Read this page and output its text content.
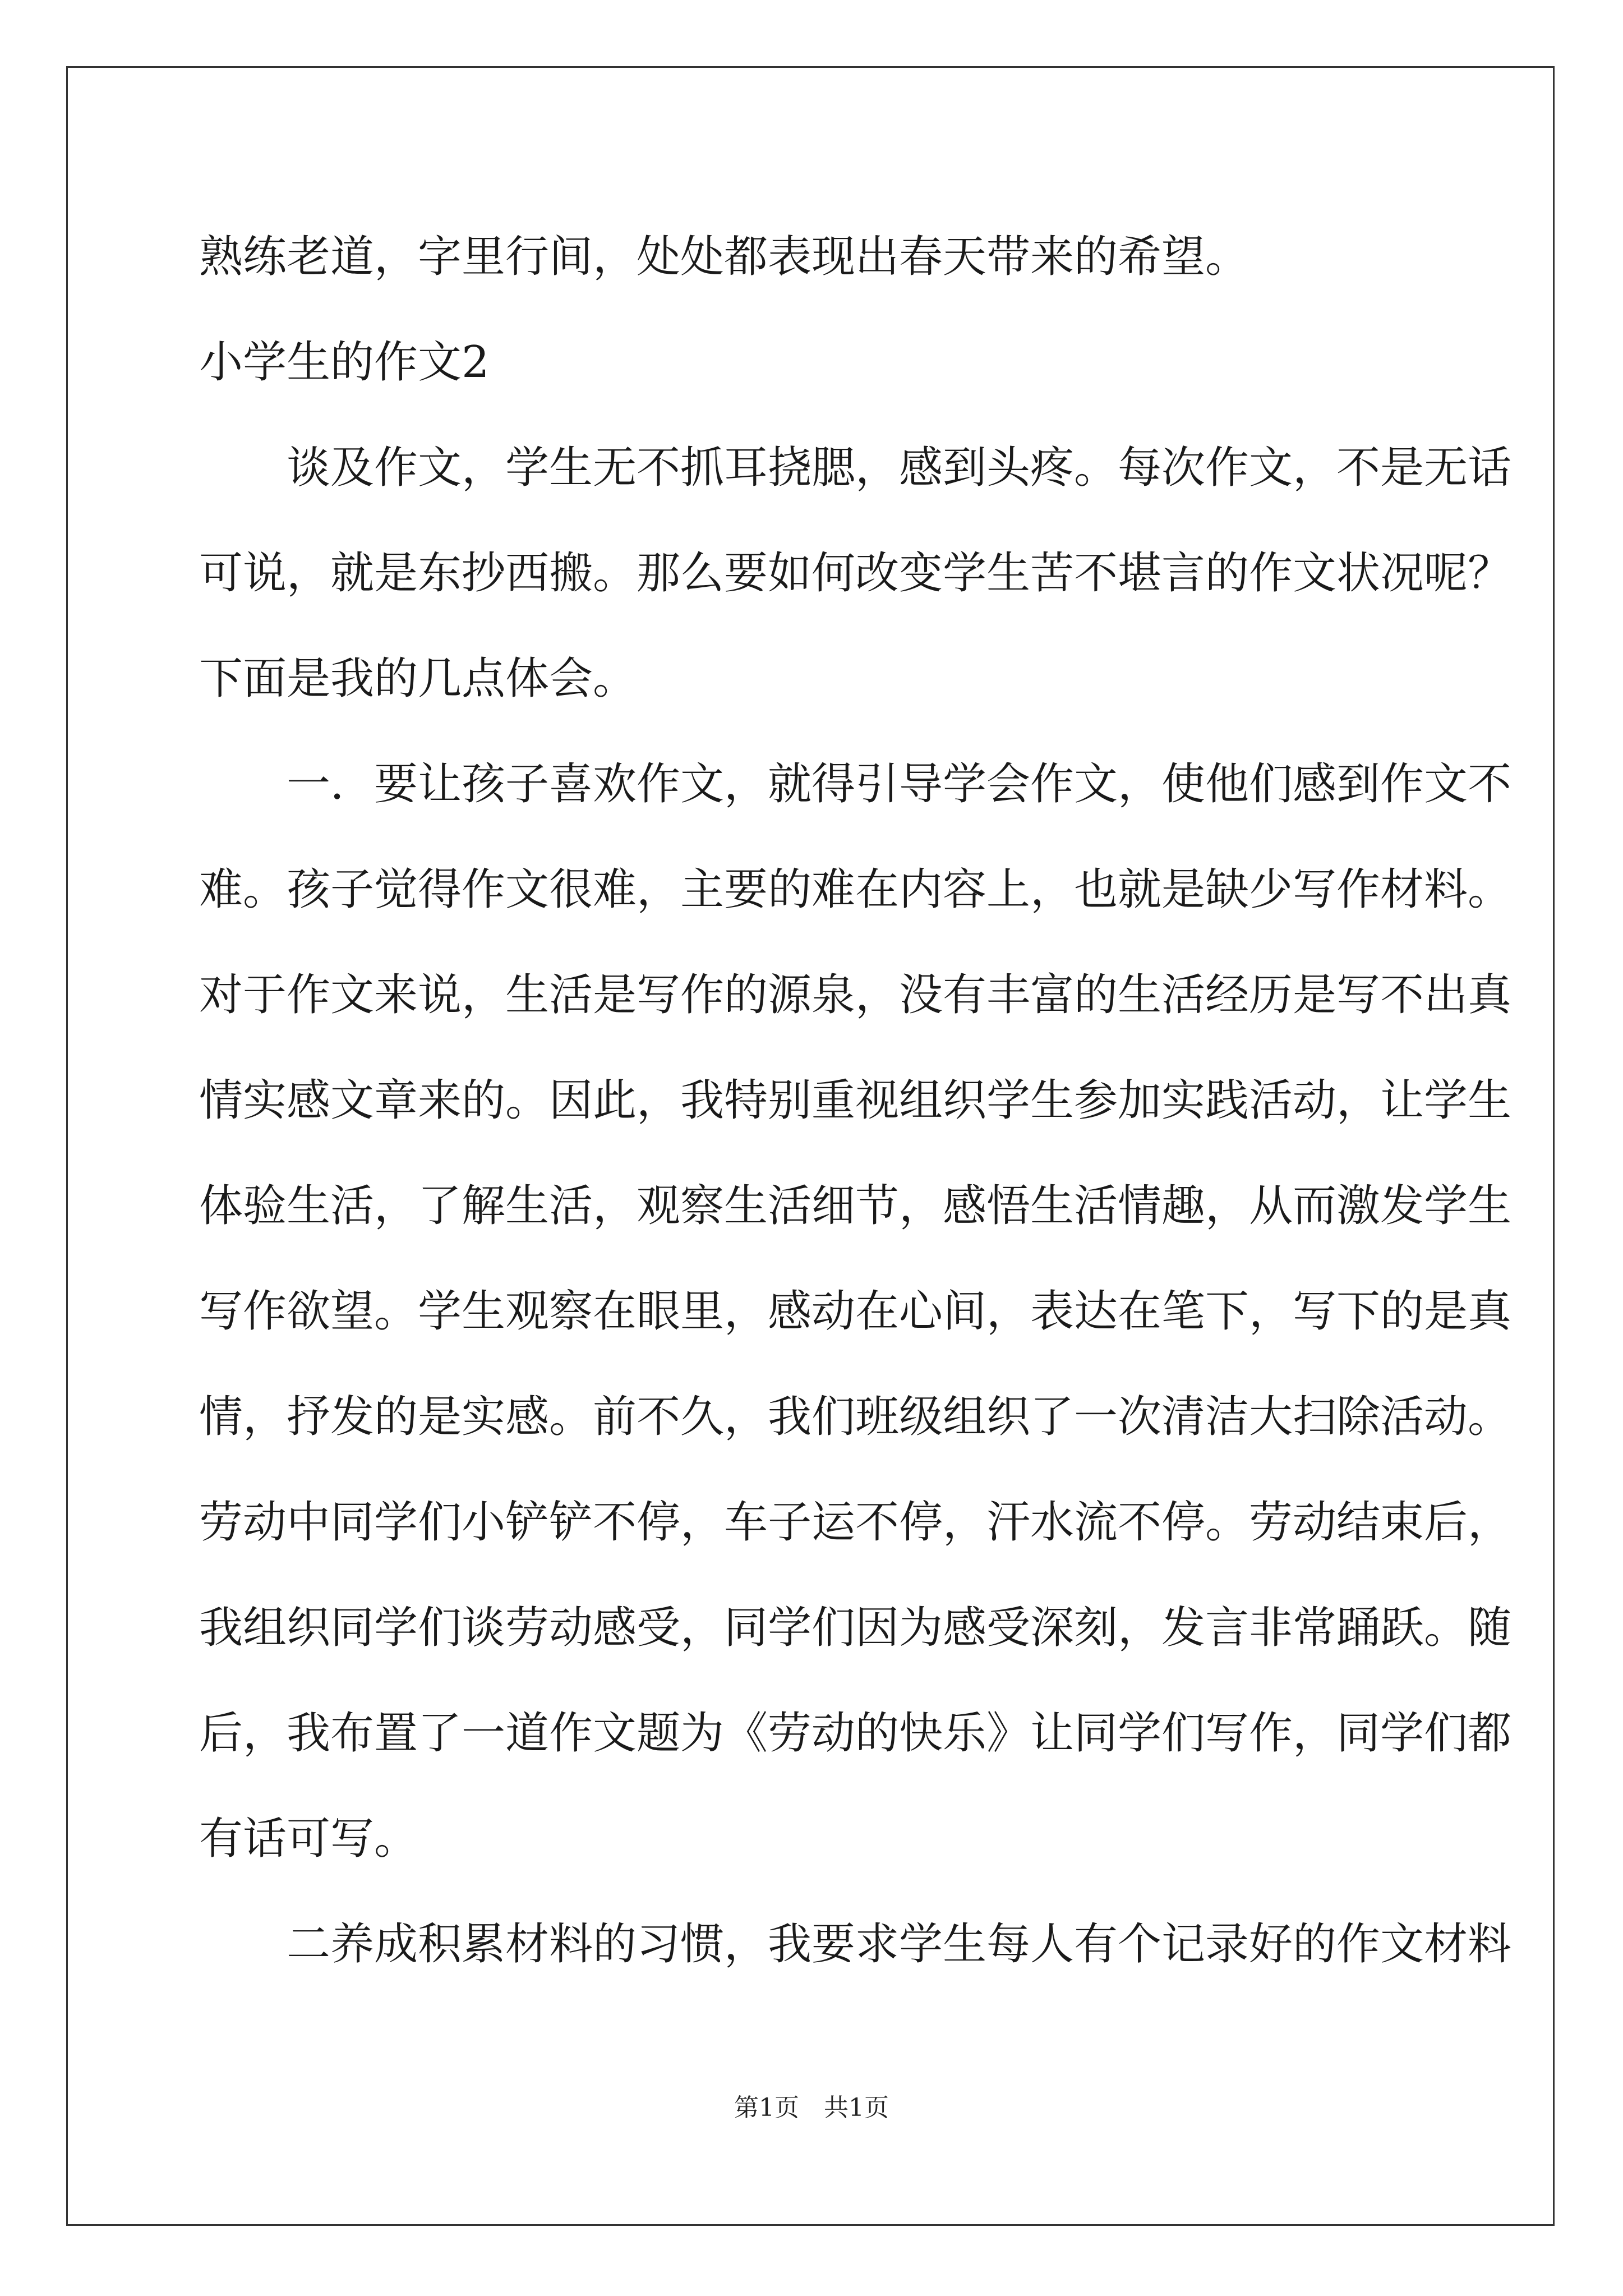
熟练老道，字里行间，处处都表现出春天带来的希望。
小学生的作文2
谈及作文，学生无不抓耳挠腮，感到头疼。每次作文，不是无话
可说，就是东抄西搬。那么要如何改变学生苦不堪言的作文状况呢？
下面是我的几点体会。
一．要让孩子喜欢作文，就得引导学会作文，使他们感到作文不
难。孩子觉得作文很难，主要的难在内容上，也就是缺少写作材料。
对于作文来说，生活是写作的源泉，没有丰富的生活经历是写不出真
情实感文章来的。因此，我特别重视组织学生参加实践活动，让学生
体验生活，了解生活，观察生活细节，感悟生活情趣，从而激发学生
写作欲望。学生观察在眼里，感动在心间，表达在笔下，写下的是真
情，抒发的是实感。前不久，我们班级组织了一次清洁大扫除活动。
劳动中同学们小铲铲不停，车子运不停，汗水流不停。劳动结束后，
我组织同学们谈劳动感受，同学们因为感受深刻，发言非常踊跃。随
后，我布置了一道作文题为《劳动的快乐》让同学们写作，同学们都
有话可写。
二养成积累材料的习惯，我要求学生每人有个记录好的作文材料
第1页　共1页
